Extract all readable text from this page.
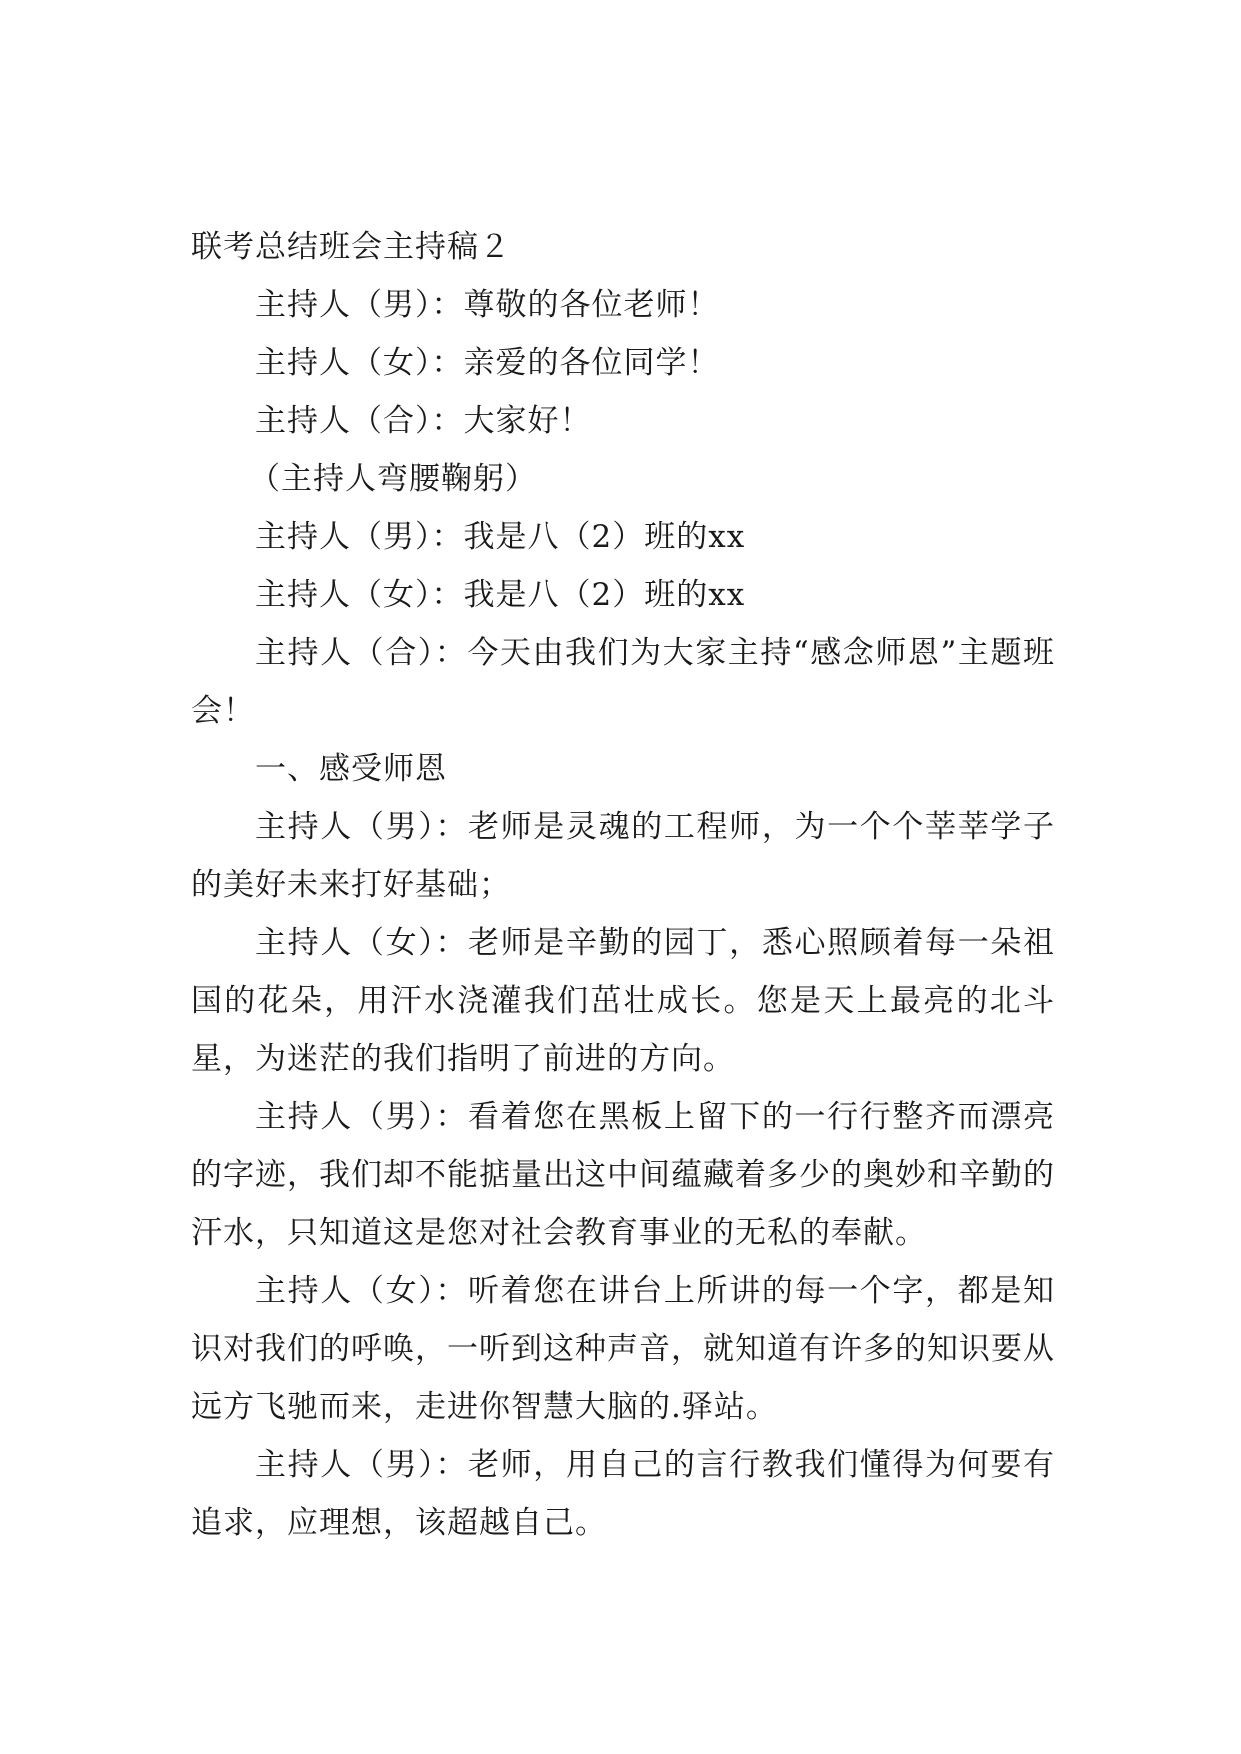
联考总结班会主持稿２

主持人（男）：尊敬的各位老师！

主持人（女）：亲爱的各位同学！

主持人（合）：大家好！

（主持人弯腰鞠躬）

主持人（男）：我是八（2）班的xx

主持人（女）：我是八（2）班的xx

主持人（合）：今天由我们为大家主持“感念师恩”主题班会！

一、感受师恩

主持人（男）：老师是灵魂的工程师，为一个个莘莘学子的美好未来打好基础；

主持人（女）：老师是辛勤的园丁，悉心照顾着每一朵祖国的花朵，用汗水浇灌我们茁壮成长。您是天上最亮的北斗星，为迷茫的我们指明了前进的方向。

主持人（男）：看着您在黑板上留下的一行行整齐而漂亮的字迹，我们却不能掂量出这中间蕴藏着多少的奥妙和辛勤的汗水，只知道这是您对社会教育事业的无私的奉献。

主持人（女）：听着您在讲台上所讲的每一个字，都是知识对我们的呼唤，一听到这种声音，就知道有许多的知识要从远方飞驰而来，走进你智慧大脑的.驿站。

主持人（男）：老师，用自己的言行教我们懂得为何要有追求，应理想，该超越自己。
